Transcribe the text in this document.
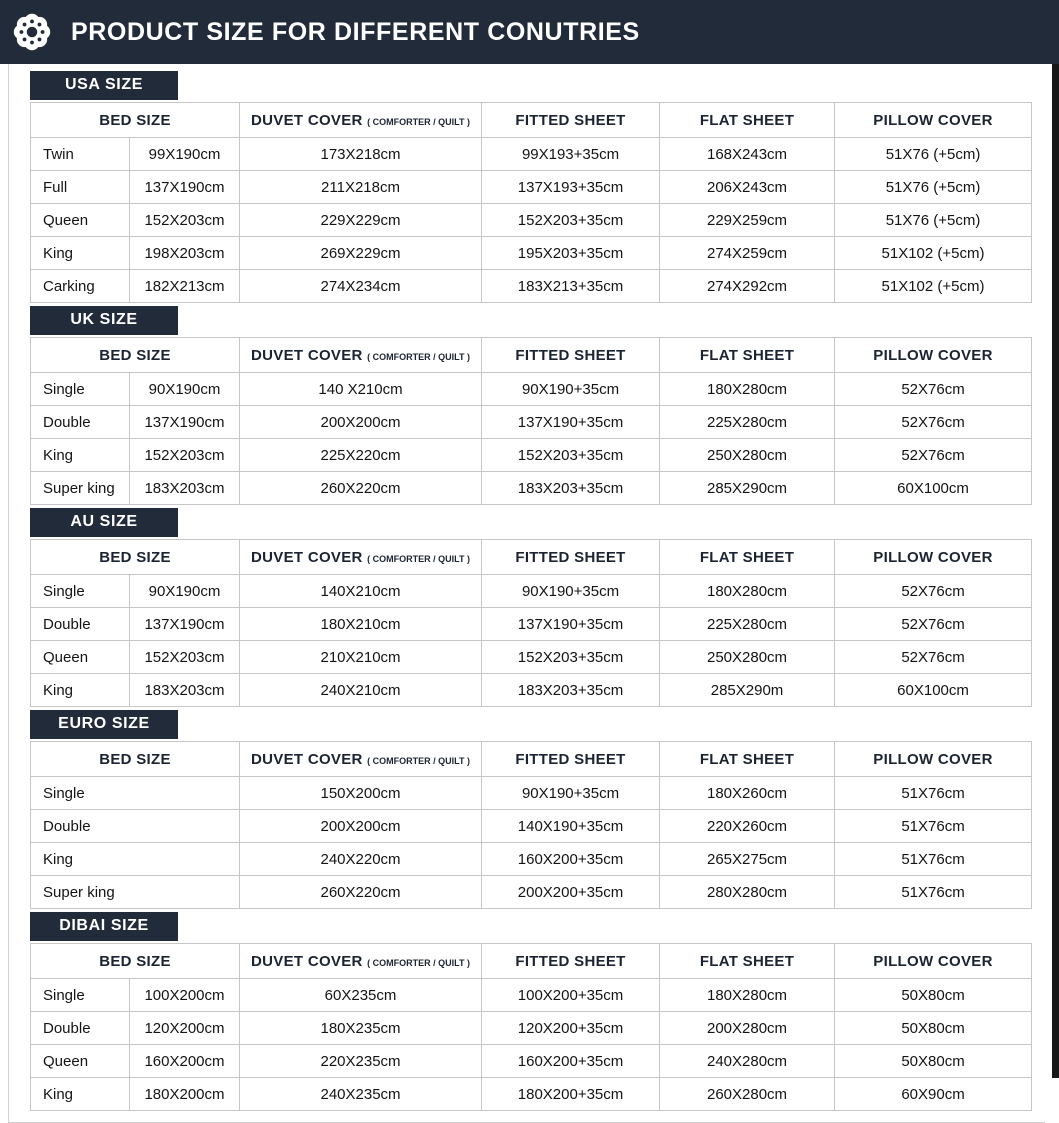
PRODUCT SIZE FOR DIFFERENT CONUTRIES
USA SIZE
BED SIZE		DUVET COVER ( COMFORTER / QUILT )	FITTED SHEET	FLAT SHEET	PILLOW COVER
Twin	99X190cm	173X218cm	99X193+35cm	168X243cm	51X76 (+5cm)
Full	137X190cm	211X218cm	137X193+35cm	206X243cm	51X76 (+5cm)
Queen	152X203cm	229X229cm	152X203+35cm	229X259cm	51X76 (+5cm)
King	198X203cm	269X229cm	195X203+35cm	274X259cm	51X102 (+5cm)
Carking	182X213cm	274X234cm	183X213+35cm	274X292cm	51X102 (+5cm)
UK SIZE
BED SIZE		DUVET COVER ( COMFORTER / QUILT )	FITTED SHEET	FLAT SHEET	PILLOW COVER
Single	90X190cm	140 X210cm	90X190+35cm	180X280cm	52X76cm
Double	137X190cm	200X200cm	137X190+35cm	225X280cm	52X76cm
King	152X203cm	225X220cm	152X203+35cm	250X280cm	52X76cm
Super king	183X203cm	260X220cm	183X203+35cm	285X290cm	60X100cm
AU SIZE
BED SIZE		DUVET COVER ( COMFORTER / QUILT )	FITTED SHEET	FLAT SHEET	PILLOW COVER
Single	90X190cm	140X210cm	90X190+35cm	180X280cm	52X76cm
Double	137X190cm	180X210cm	137X190+35cm	225X280cm	52X76cm
Queen	152X203cm	210X210cm	152X203+35cm	250X280cm	52X76cm
King	183X203cm	240X210cm	183X203+35cm	285X290m	60X100cm
EURO SIZE
BED SIZE	DUVET COVER ( COMFORTER / QUILT )	FITTED SHEET	FLAT SHEET	PILLOW COVER
Single	150X200cm	90X190+35cm	180X260cm	51X76cm
Double	200X200cm	140X190+35cm	220X260cm	51X76cm
King	240X220cm	160X200+35cm	265X275cm	51X76cm
Super king	260X220cm	200X200+35cm	280X280cm	51X76cm
DIBAI SIZE
BED SIZE		DUVET COVER ( COMFORTER / QUILT )	FITTED SHEET	FLAT SHEET	PILLOW COVER
Single	100X200cm	60X235cm	100X200+35cm	180X280cm	50X80cm
Double	120X200cm	180X235cm	120X200+35cm	200X280cm	50X80cm
Queen	160X200cm	220X235cm	160X200+35cm	240X280cm	50X80cm
King	180X200cm	240X235cm	180X200+35cm	260X280cm	60X90cm
